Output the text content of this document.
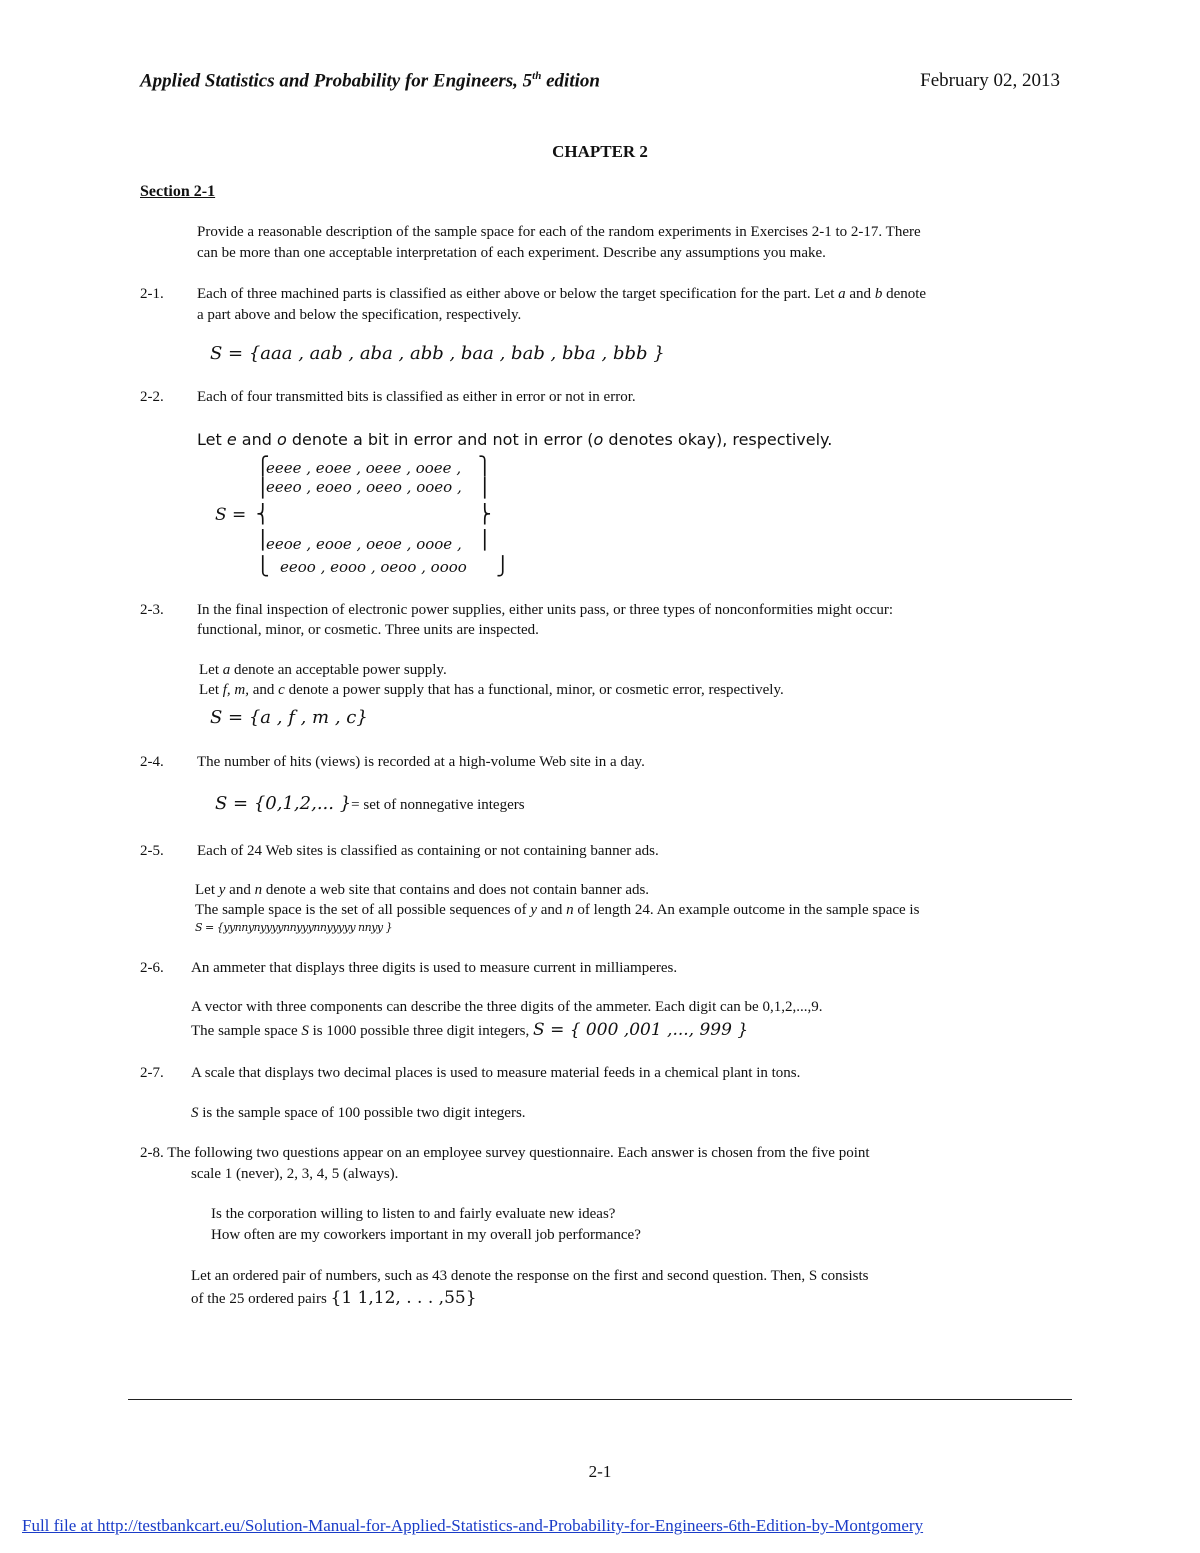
Applied Statistics and Probability for Engineers, 5th edition	February 02, 2013
CHAPTER 2
Section 2-1
Provide a reasonable description of the sample space for each of the random experiments in Exercises 2-1 to 2-17. There
can be more than one acceptable interpretation of each experiment. Describe any assumptions you make.
2-1. Each of three machined parts is classified as either above or below the target specification for the part. Let a and b denote
a part above and below the specification, respectively.
S = {aaa , aab , aba , abb , baa , bab , bba , bbb }
2-2. Each of four transmitted bits is classified as either in error or not in error.
Let e and o denote a bit in error and not in error (o denotes okay), respectively.
S =
⎧
⎪
⎨
⎪
⎩
⎫
⎪
⎬
⎪
⎭
eeee , eoee , oeee , ooee ,
eeeo , eoeo , oeeo , ooeo ,
eeoe , eooe , oeoe , oooe ,
eeoo , eooo , oeoo , oooo
2-3. In the final inspection of electronic power supplies, either units pass, or three types of nonconformities might occur:
functional, minor, or cosmetic. Three units are inspected.
Let a denote an acceptable power supply.
Let f, m, and c denote a power supply that has a functional, minor, or cosmetic error, respectively.
S = {a , f , m , c}
2-4. The number of hits (views) is recorded at a high-volume Web site in a day.
S = {0,1,2,... }= set of nonnegative integers
2-5. Each of 24 Web sites is classified as containing or not containing banner ads.
Let y and n denote a web site that contains and does not contain banner ads.
The sample space is the set of all possible sequences of y and n of length 24. An example outcome in the sample space is
S = {yynnynyyyynnyyynnyyyyy nnyy }
2-6. An ammeter that displays three digits is used to measure current in milliamperes.
A vector with three components can describe the three digits of the ammeter. Each digit can be 0,1,2,...,9.
The sample space S is 1000 possible three digit integers, S = { 000 ,001 ,..., 999 }
2-7. A scale that displays two decimal places is used to measure material feeds in a chemical plant in tons.
S is the sample space of 100 possible two digit integers.
2-8. The following two questions appear on an employee survey questionnaire. Each answer is chosen from the five point
scale 1 (never), 2, 3, 4, 5 (always).
Is the corporation willing to listen to and fairly evaluate new ideas?
How often are my coworkers important in my overall job performance?
Let an ordered pair of numbers, such as 43 denote the response on the first and second question. Then, S consists
of the 25 ordered pairs {1 1,12, . . . ,55}
2-1
Full file at http://testbankcart.eu/Solution-Manual-for-Applied-Statistics-and-Probability-for-Engineers-6th-Edition-by-Montgomery
